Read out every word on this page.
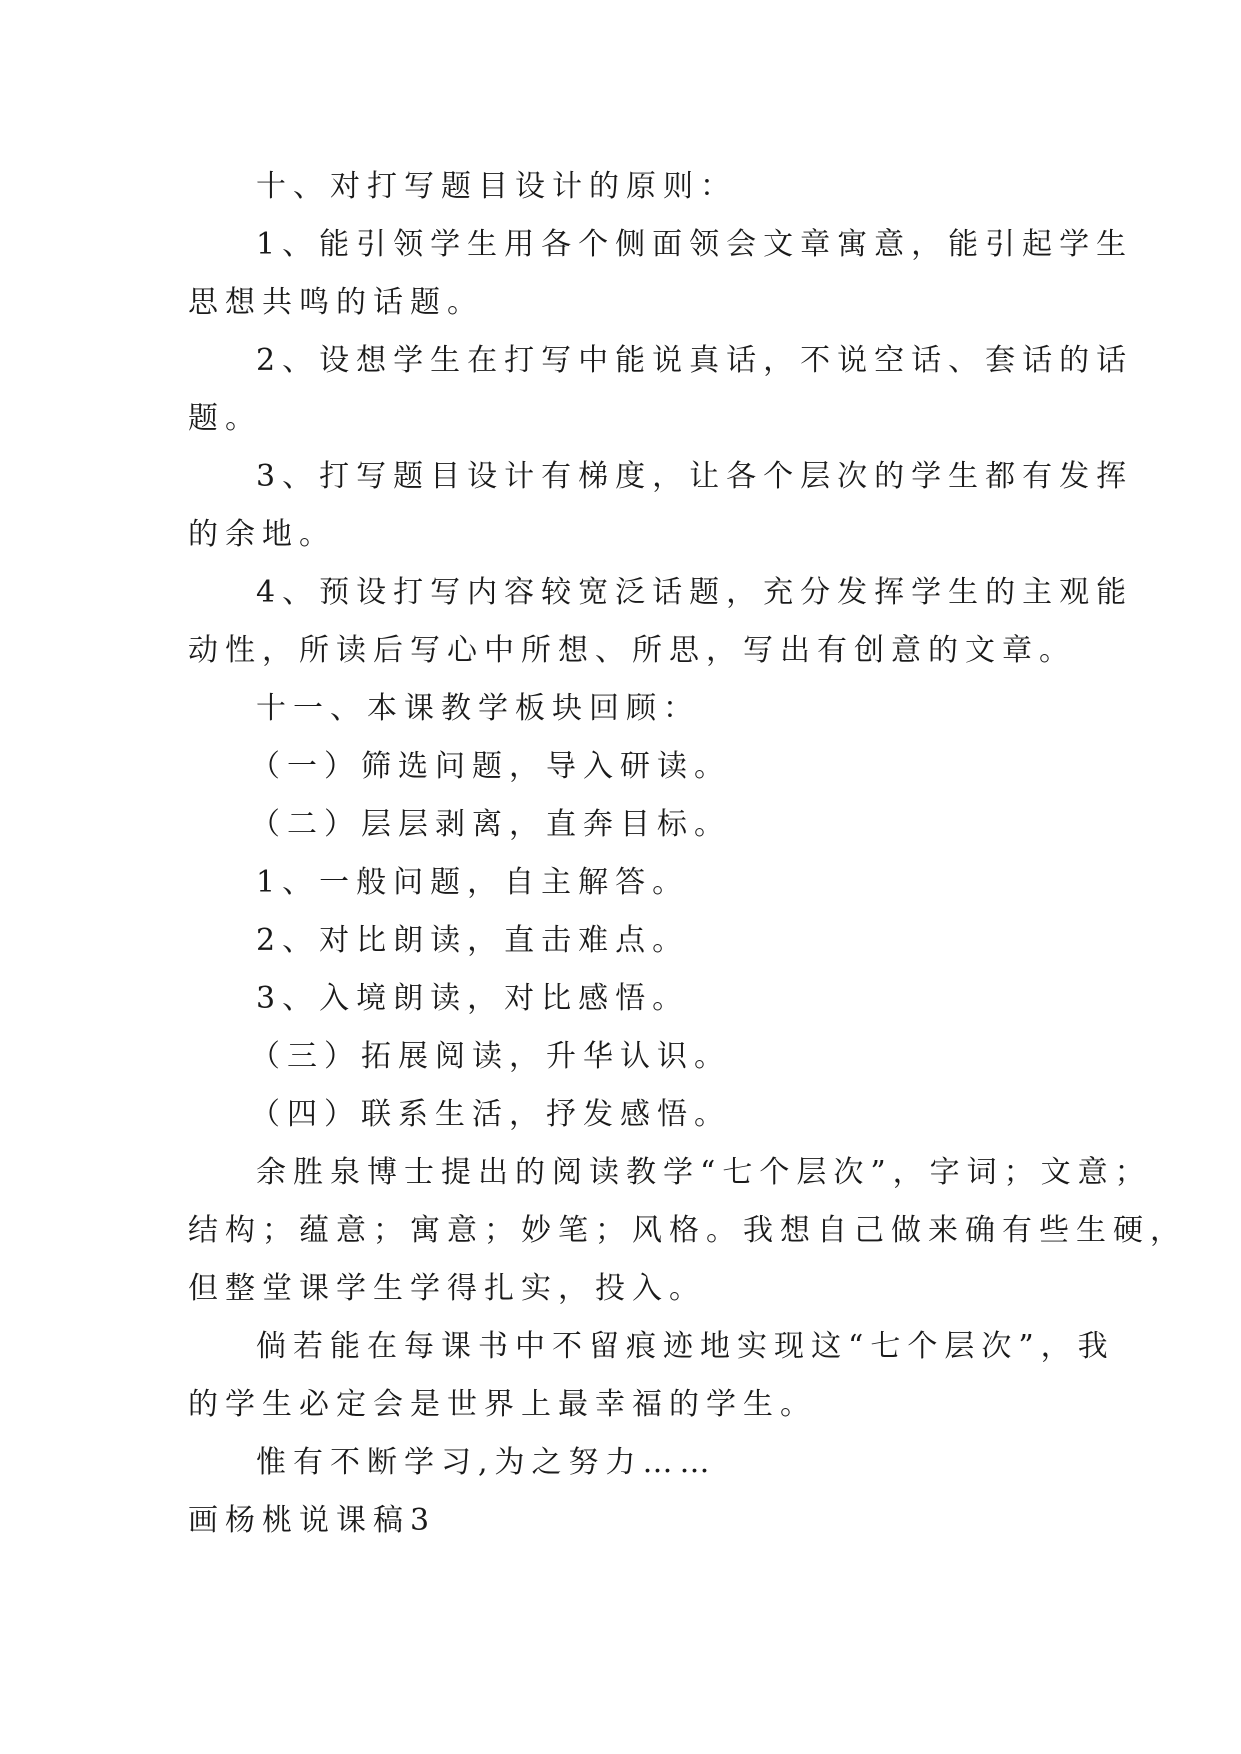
十、对打写题目设计的原则：
1、能引领学生用各个侧面领会文章寓意，能引起学生
思想共鸣的话题。
2、设想学生在打写中能说真话，不说空话、套话的话
题。
3、打写题目设计有梯度，让各个层次的学生都有发挥
的余地。
4、预设打写内容较宽泛话题，充分发挥学生的主观能
动性，所读后写心中所想、所思，写出有创意的文章。
十一、本课教学板块回顾：
（一）筛选问题，导入研读。
（二）层层剥离，直奔目标。
1、一般问题，自主解答。
2、对比朗读，直击难点。
3、入境朗读，对比感悟。
（三）拓展阅读，升华认识。
（四）联系生活，抒发感悟。
余胜泉博士提出的阅读教学“七个层次”，字词；文意；
结构；蕴意；寓意；妙笔；风格。我想自己做来确有些生硬，
但整堂课学生学得扎实，投入。
倘若能在每课书中不留痕迹地实现这“七个层次”，我
的学生必定会是世界上最幸福的学生。
惟有不断学习,为之努力……
画杨桃说课稿3
